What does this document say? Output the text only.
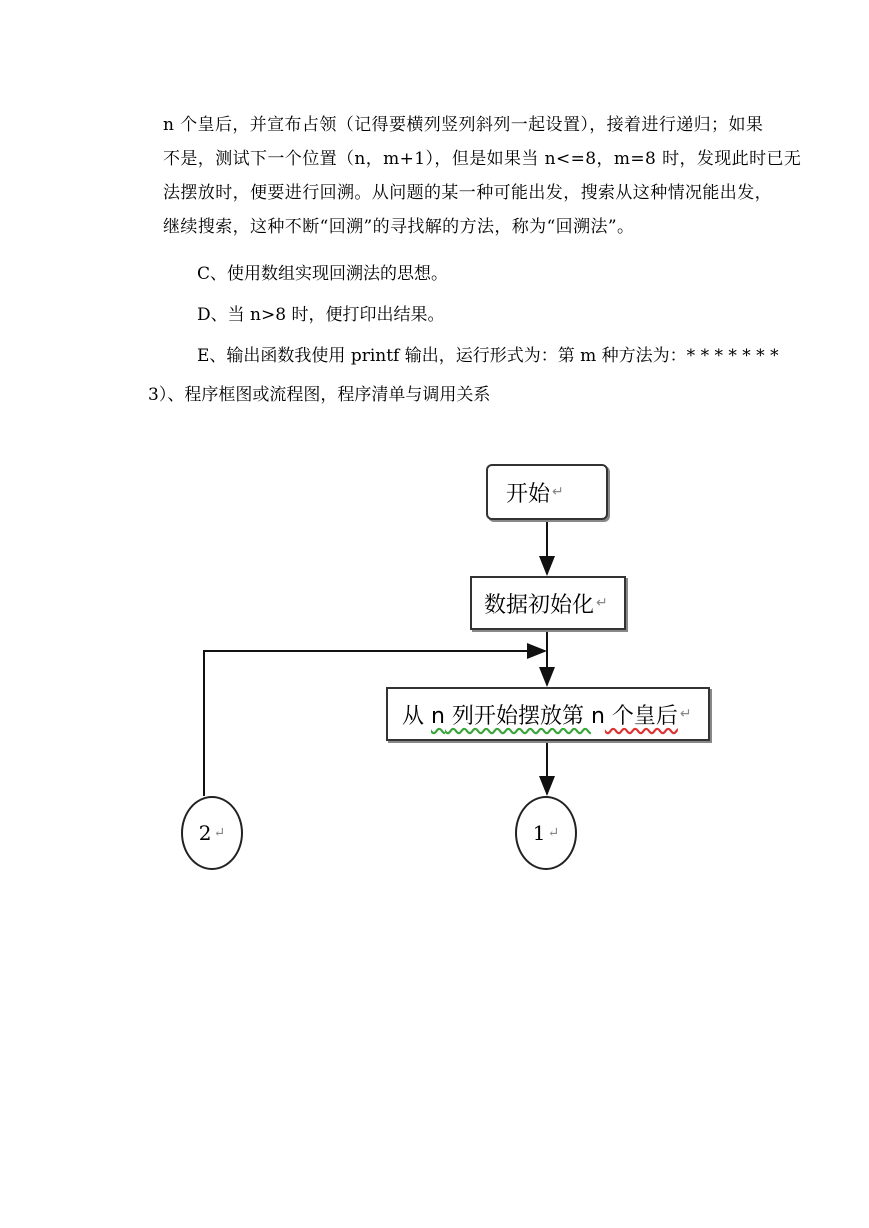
n 个皇后，并宣布占领（记得要横列竖列斜列一起设置），接着进行递归；如果
不是，测试下一个位置（n，m+1），但是如果当 n<=8，m=8 时，发现此时已无
法摆放时，便要进行回溯。从问题的某一种可能出发，搜索从这种情况能出发，
继续搜索，这种不断“回溯”的寻找解的方法，称为“回溯法”。
C、使用数组实现回溯法的思想。
D、当 n>8 时，便打印出结果。
E、输出函数我使用 printf 输出，运行形式为：第 m 种方法为：* * * * * * *
3）、程序框图或流程图，程序清单与调用关系
开始 ↵
数据初始化 ↵
从 n 列开始摆放第 n 个皇后 ↵
2 ↵	1 ↵
